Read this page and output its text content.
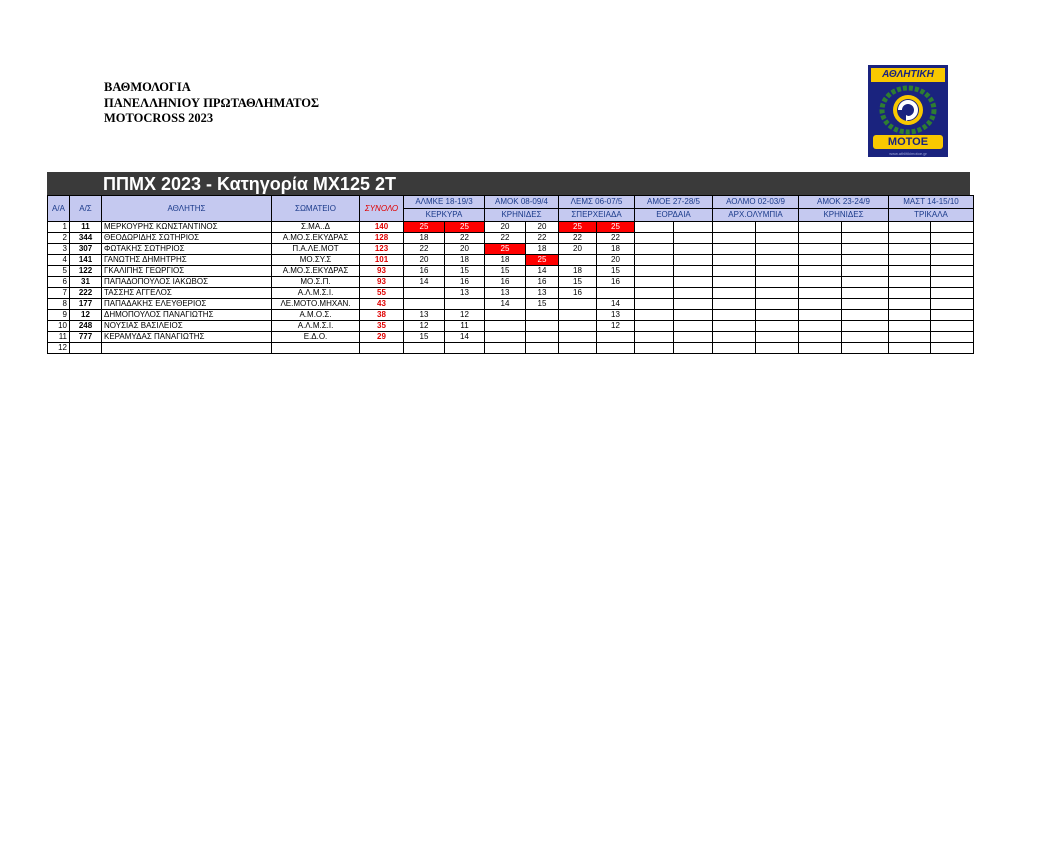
ΒΑΘΜΟΛΟΓΙΑ
ΠΑΝΕΛΛΗΝΙΟΥ ΠΡΩΤΑΘΛΗΜΑΤΟΣ
MOTOCROSS 2023
ΑΘΛΗΤΙΚΗ
ΜΟΤΟΕ
www.athlitikimotoe.gr
ΠΠΜΧ 2023 - Κατηγορία ΜΧ125 2Τ
Α/Α	Α/Σ	ΑΘΛΗΤΗΣ	ΣΩΜΑΤΕΙΟ	ΣΥΝΟΛΟ	ΑΛΜΚΕ 18-19/3		ΑΜΟΚ 08-09/4		ΛΕΜΣ 06-07/5		ΑΜΟΕ 27-28/5		ΑΟΛΜΟ 02-03/9		ΑΜΟΚ 23-24/9		ΜΑΣΤ 14-15/10	
					ΚΕΡΚΥΡΑ		ΚΡΗΝΙΔΕΣ		ΣΠΕΡΧΕΙΑΔΑ		ΕΟΡΔΑΙΑ		ΑΡΧ.ΟΛΥΜΠΙΑ		ΚΡΗΝΙΔΕΣ		ΤΡΙΚΑΛΑ	
1	11	ΜΕΡΚΟΥΡΗΣ ΚΩΝΣΤΑΝΤΙΝΟΣ	Σ.ΜΑ..Δ	140	25	25	20	20	25	25								
2	344	ΘΕΟΔΩΡΙΔΗΣ ΣΩΤΗΡΙΟΣ	Α.ΜΟ.Σ.ΕΚΥΔΡΑΣ	128	18	22	22	22	22	22								
3	307	ΦΩΤΑΚΗΣ ΣΩΤΗΡΙΟΣ	Π.Α.ΛΕ.ΜΟΤ	123	22	20	25	18	20	18								
4	141	ΓΑΝΩΤΗΣ ΔΗΜΗΤΡΗΣ	ΜΟ.ΣΥ.Σ	101	20	18	18	25		20								
5	122	ΓΚΑΛΙΠΗΣ ΓΕΩΡΓΙΟΣ	Α.ΜΟ.Σ.ΕΚΥΔΡΑΣ	93	16	15	15	14	18	15								
6	31	ΠΑΠΑΔΟΠΟΥΛΟΣ ΙΑΚΩΒΟΣ	ΜΟ.Σ.Π.	93	14	16	16	16	15	16								
7	222	ΤΑΣΣΗΣ ΑΓΓΕΛΟΣ	Α.Λ.Μ.Σ.Ι.	55		13	13	13	16									
8	177	ΠΑΠΑΔΑΚΗΣ ΕΛΕΥΘΕΡΙΟΣ	ΛΕ.ΜΟΤΟ.ΜΗΧΑΝ.	43			14	15		14								
9	12	ΔΗΜΟΠΟΥΛΟΣ ΠΑΝΑΓΙΩΤΗΣ	Α.Μ.Ο.Σ.	38	13	12				13								
10	248	ΝΟΥΣΙΑΣ ΒΑΣΙΛΕΙΟΣ	Α.Λ.Μ.Σ.Ι.	35	12	11				12								
11	777	ΚΕΡΑΜΥΔΑΣ ΠΑΝΑΓΙΩΤΗΣ	Ε.Δ.Ο.	29	15	14												
12																		
